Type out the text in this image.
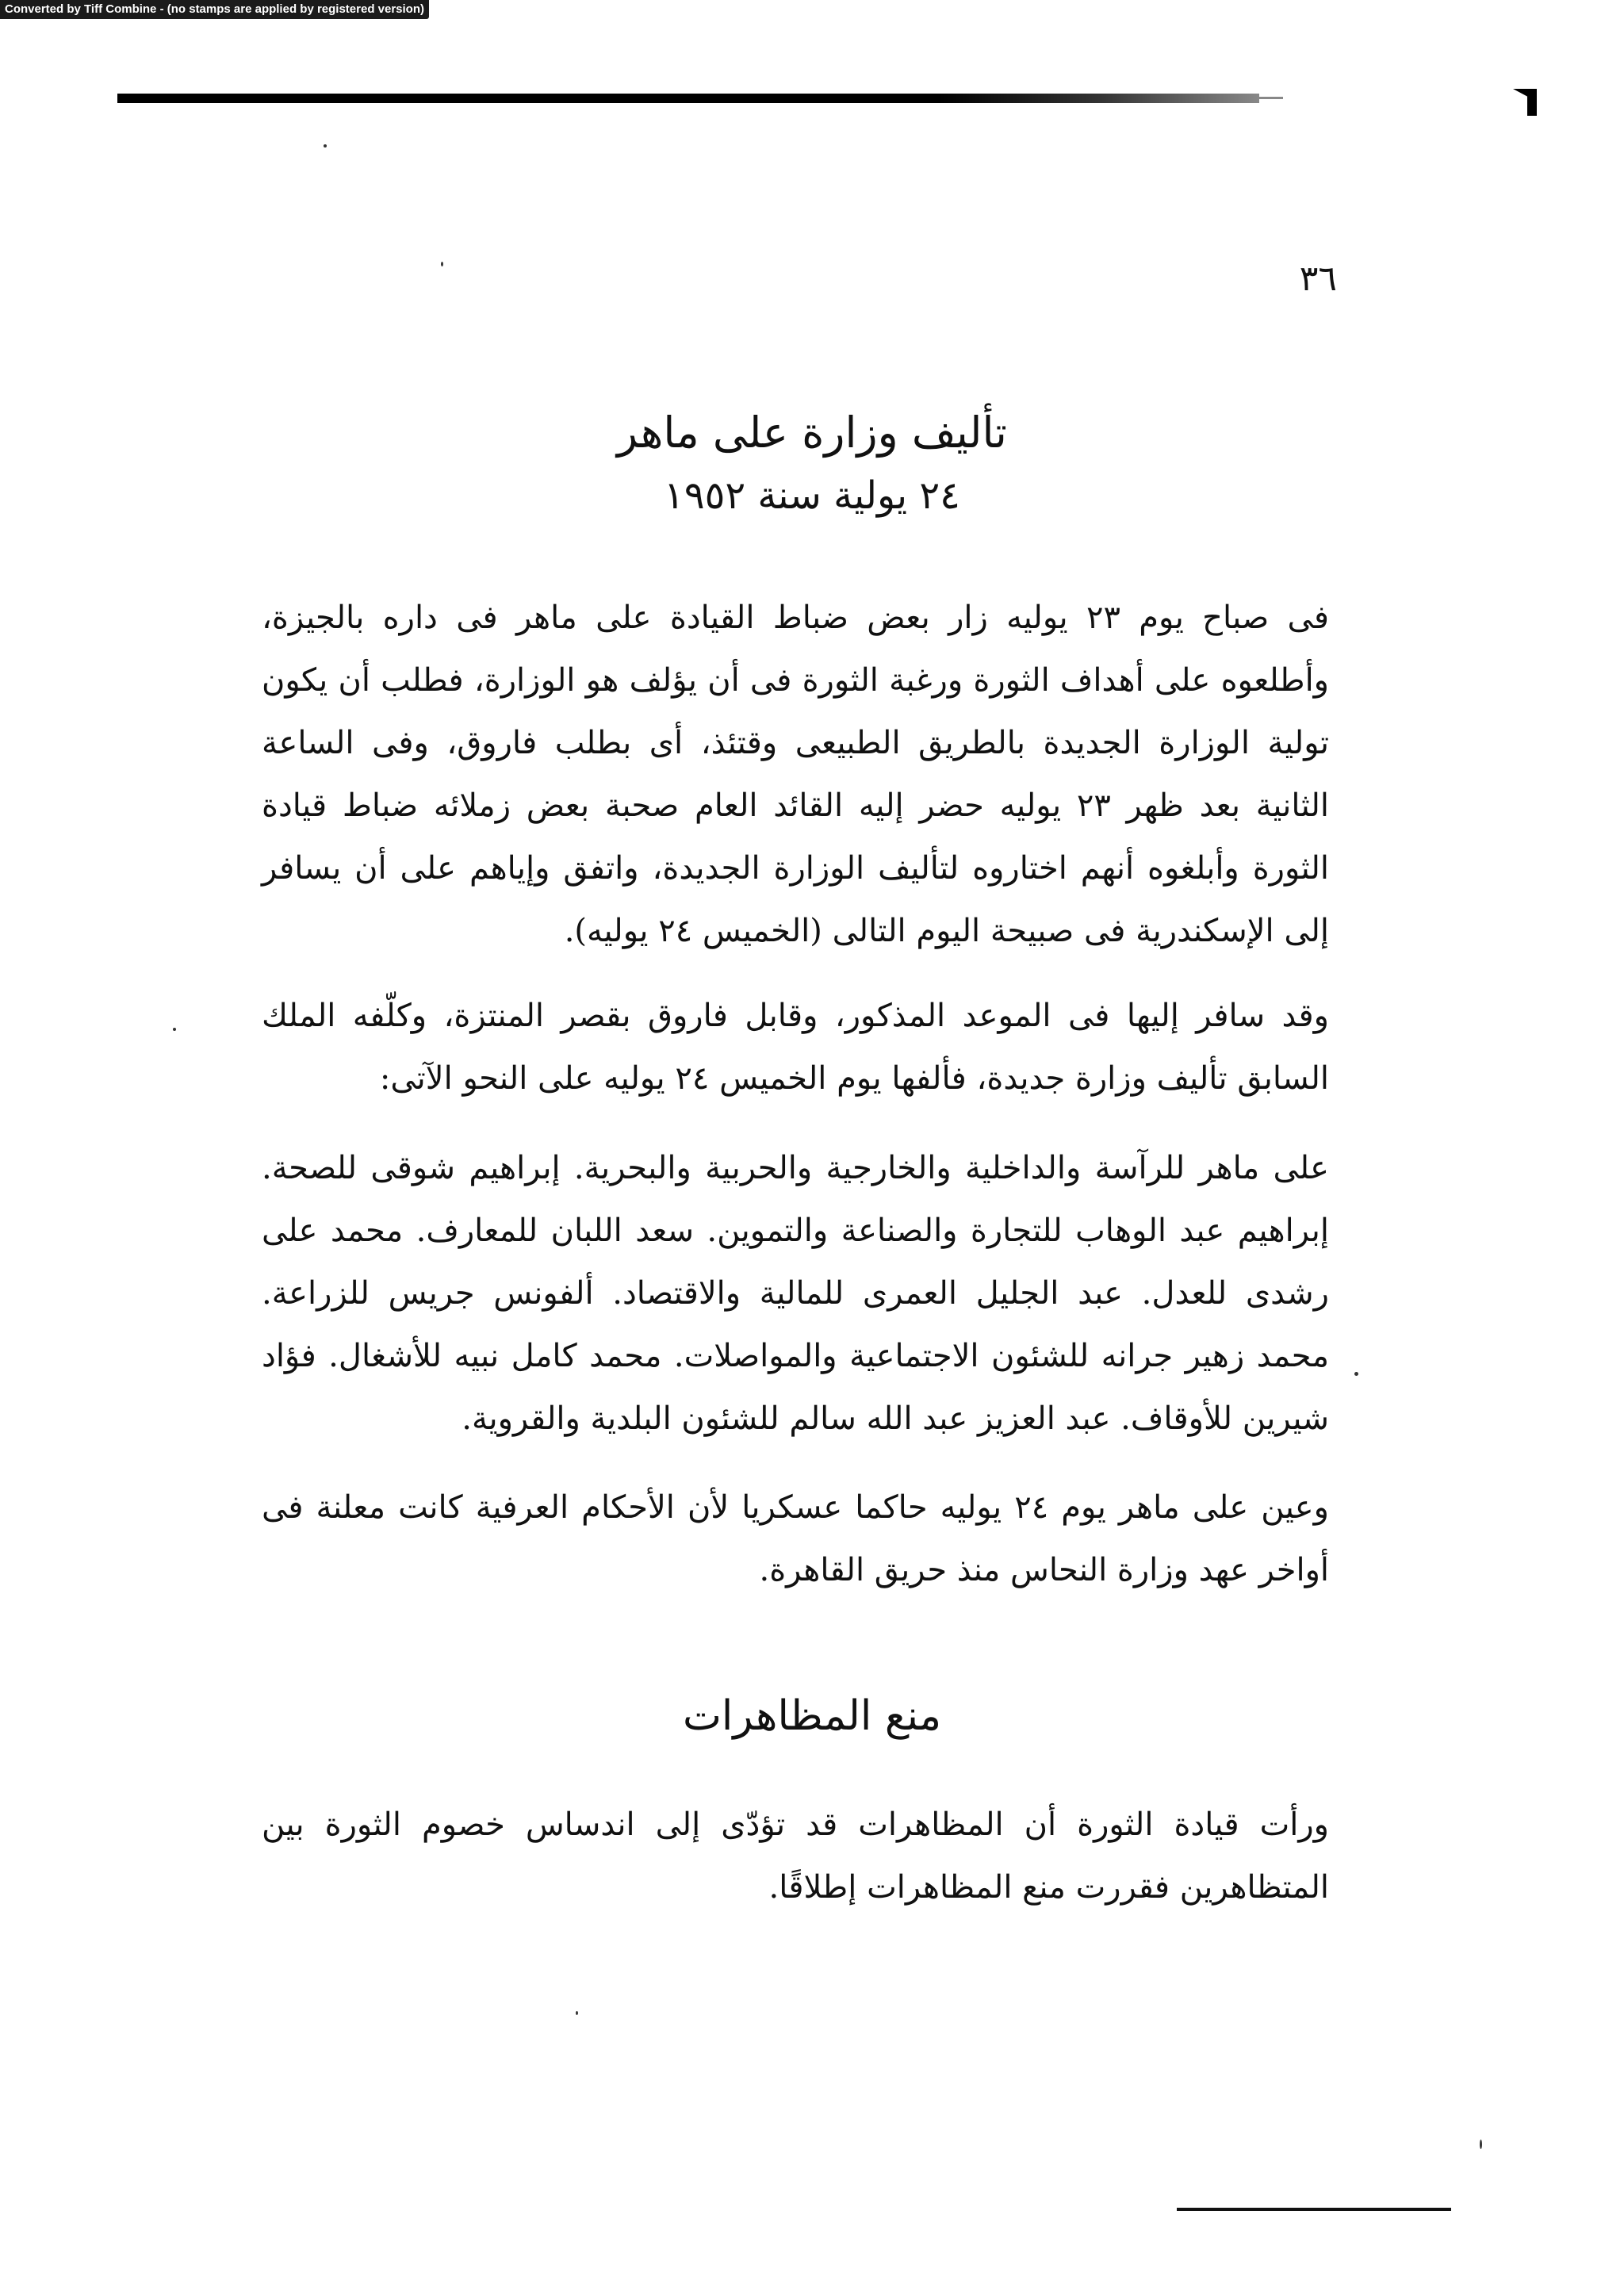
Converted by Tiff Combine - (no stamps are applied by registered version)
٣٦
تأليف وزارة على ماهر
٢٤ يولية سنة ١٩٥٢

فى صباح يوم ٢٣ يوليه زار بعض ضباط القيادة على ماهر فى داره بالجيزة، وأطلعوه على أهداف الثورة ورغبة الثورة فى أن يؤلف هو الوزارة، فطلب أن يكون تولية الوزارة الجديدة بالطريق الطبيعى وقتئذ، أى بطلب فاروق، وفى الساعة الثانية بعد ظهر ٢٣ يوليه حضر إليه القائد العام صحبة بعض زملائه ضباط قيادة الثورة وأبلغوه أنهم اختاروه لتأليف الوزارة الجديدة، واتفق وإياهم على أن يسافر إلى الإسكندرية فى صبيحة اليوم التالى (الخميس ٢٤ يوليه).

وقد سافر إليها فى الموعد المذكور، وقابل فاروق بقصر المنتزة، وكلّفه الملك السابق تأليف وزارة جديدة، فألفها يوم الخميس ٢٤ يوليه على النحو الآتى:

على ماهر للرآسة والداخلية والخارجية والحربية والبحرية. إبراهيم شوقى للصحة. إبراهيم عبد الوهاب للتجارة والصناعة والتموين. سعد اللبان للمعارف. محمد على رشدى للعدل. عبد الجليل العمرى للمالية والاقتصاد. ألفونس جريس للزراعة. محمد زهير جرانه للشئون الاجتماعية والمواصلات. محمد كامل نبيه للأشغال. فؤاد شيرين للأوقاف. عبد العزيز عبد الله سالم للشئون البلدية والقروية.

وعين على ماهر يوم ٢٤ يوليه حاكما عسكريا لأن الأحكام العرفية كانت معلنة فى أواخر عهد وزارة النحاس منذ حريق القاهرة.

منع المظاهرات

ورأت قيادة الثورة أن المظاهرات قد تؤدّى إلى اندساس خصوم الثورة بين المتظاهرين فقررت منع المظاهرات إطلاقًا.
